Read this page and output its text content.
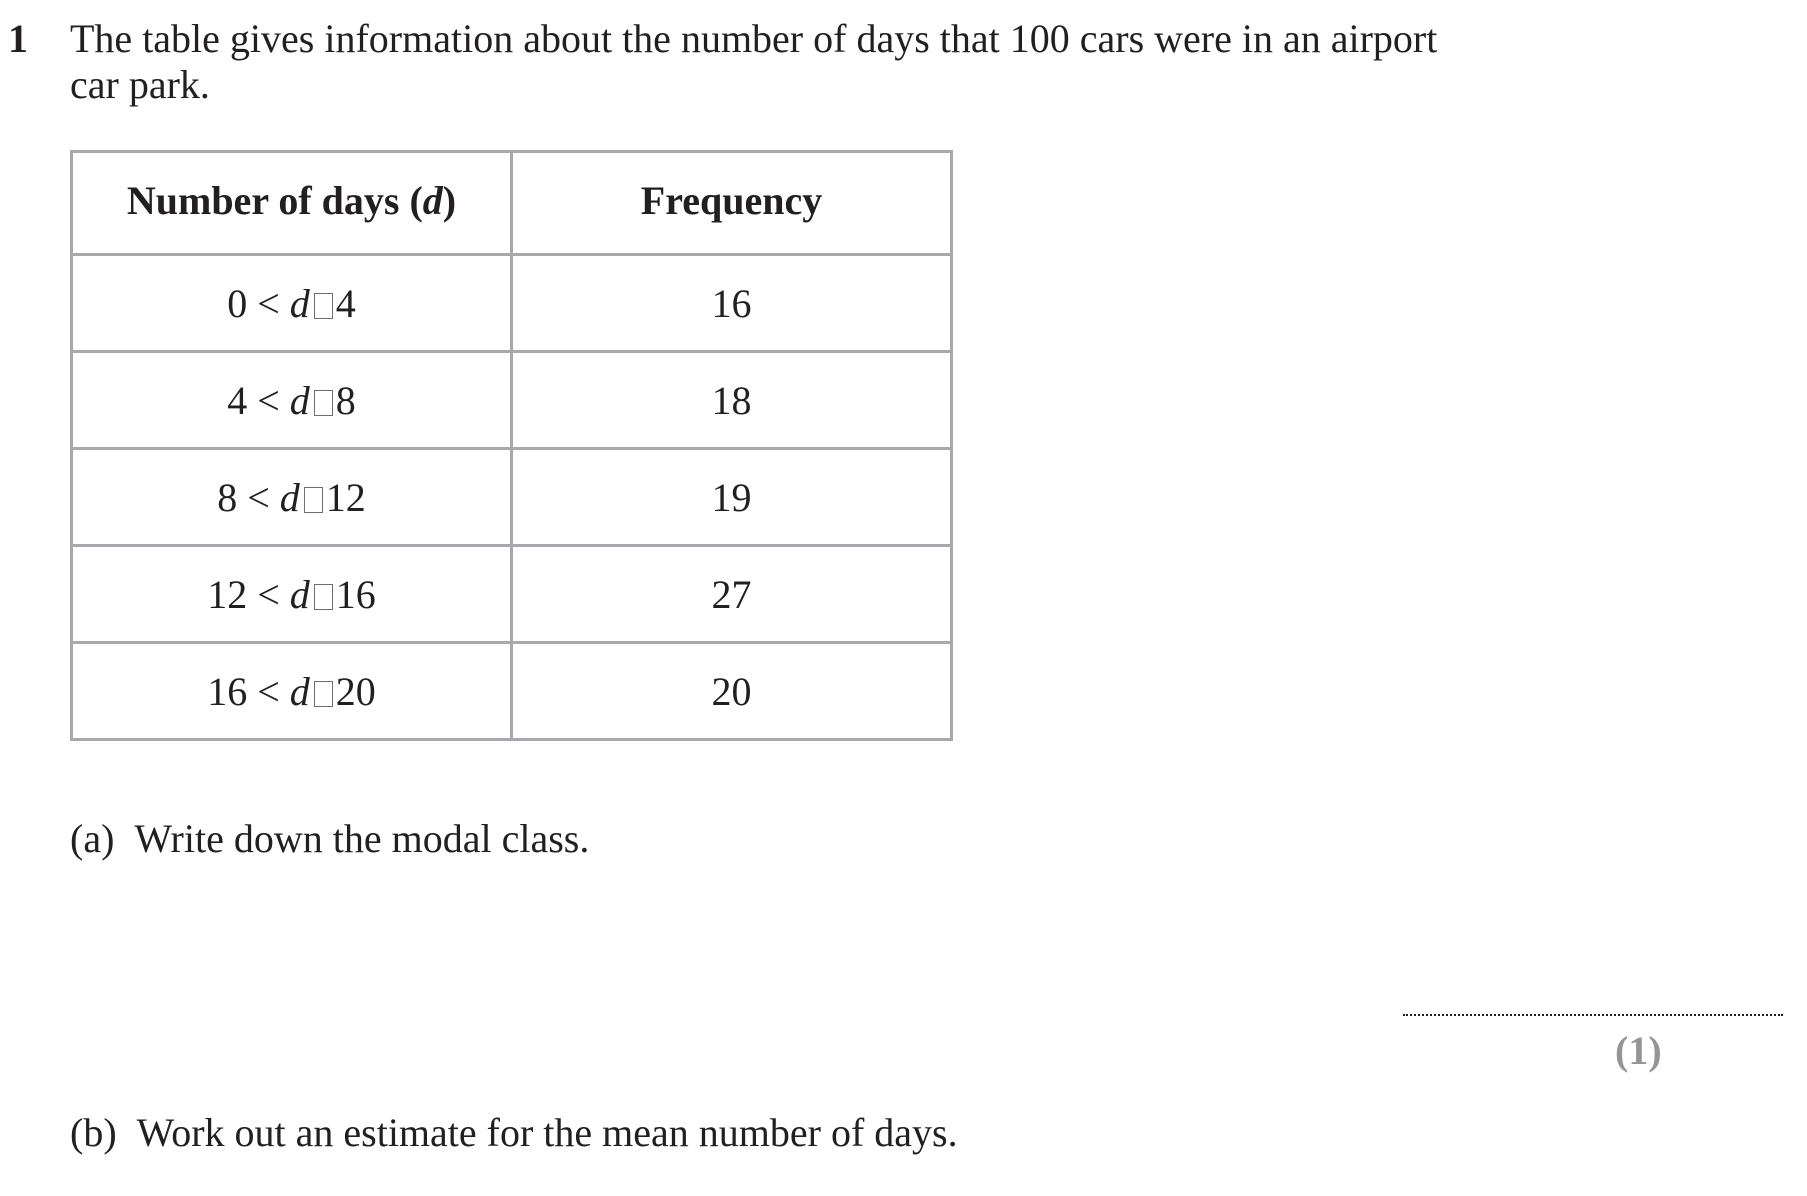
1 The table gives information about the number of days that 100 cars were in an airport
car park.
Number of days (d)	Frequency
0 < d 4	16
4 < d 8	18
8 < d 12	19
12 < d 16	27
16 < d 20	20
(a) Write down the modal class.
(1)
(b) Work out an estimate for the mean number of days.
